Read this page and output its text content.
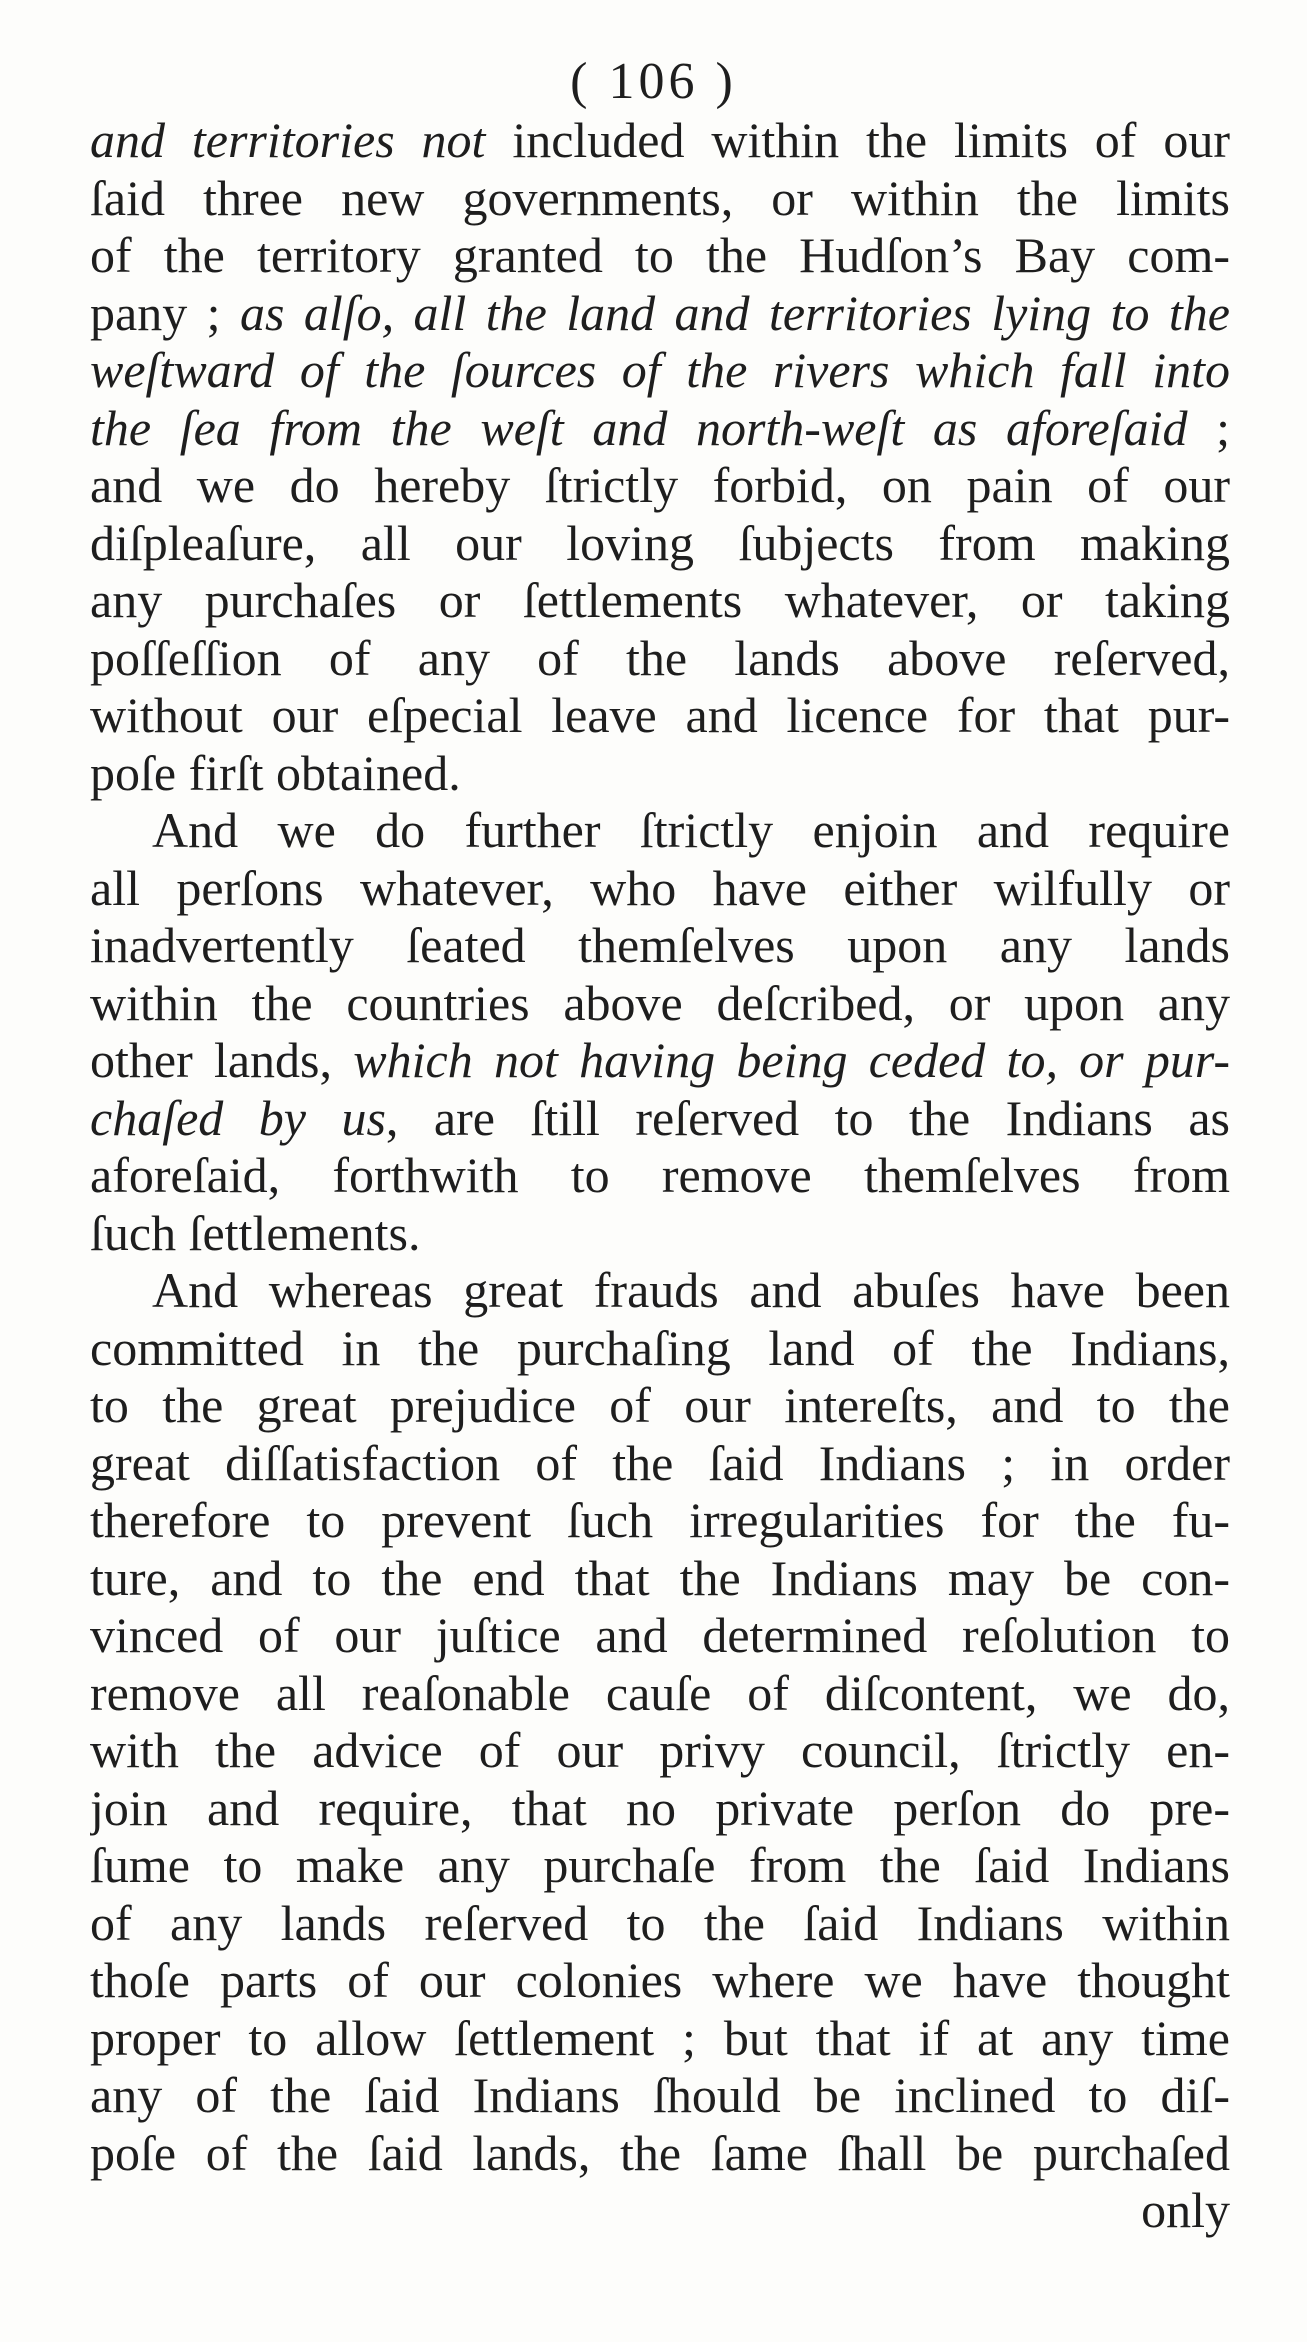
( 106 )
and territories not included within the limits of our
ſaid three new governments, or within the limits
of the territory granted to the Hudſon’s Bay com-
pany ; as alſo, all the land and territories lying to the
weſtward of the ſources of the rivers which fall into
the ſea from the weſt and north-weſt as aforeſaid ;
and we do hereby ſtrictly forbid, on pain of our
diſpleaſure, all our loving ſubjects from making
any purchaſes or ſettlements whatever, or taking
poſſeſſion of any of the lands above reſerved,
without our eſpecial leave and licence for that pur-
poſe firſt obtained.
And we do further ſtrictly enjoin and require
all perſons whatever, who have either wilfully or
inadvertently ſeated themſelves upon any lands
within the countries above deſcribed, or upon any
other lands, which not having being ceded to, or pur-
chaſed by us, are ſtill reſerved to the Indians as
aforeſaid, forthwith to remove themſelves from
ſuch ſettlements.
And whereas great frauds and abuſes have been
committed in the purchaſing land of the Indians,
to the great prejudice of our intereſts, and to the
great diſſatisfaction of the ſaid Indians ; in order
therefore to prevent ſuch irregularities for the fu-
ture, and to the end that the Indians may be con-
vinced of our juſtice and determined reſolution to
remove all reaſonable cauſe of diſcontent, we do,
with the advice of our privy council, ſtrictly en-
join and require, that no private perſon do pre-
ſume to make any purchaſe from the ſaid Indians
of any lands reſerved to the ſaid Indians within
thoſe parts of our colonies where we have thought
proper to allow ſettlement ; but that if at any time
any of the ſaid Indians ſhould be inclined to diſ-
poſe of the ſaid lands, the ſame ſhall be purchaſed
only
